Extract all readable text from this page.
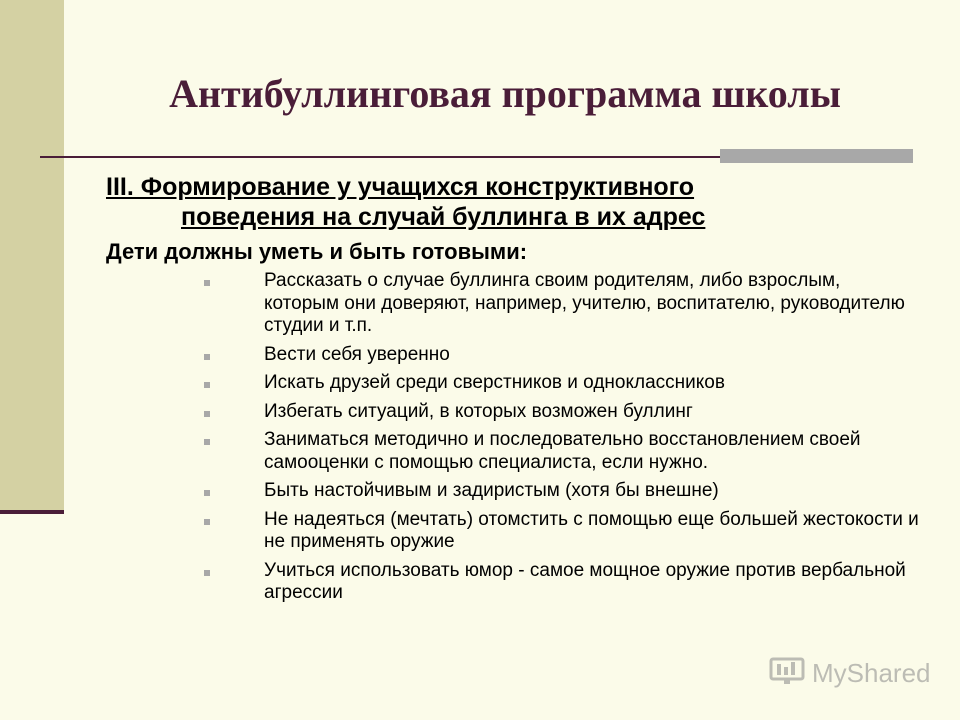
Антибуллинговая программа школы
III. Формирование у учащихся конструктивного
поведения на случай буллинга в их адрес

Дети должны уметь и быть готовыми:

Рассказать о случае буллинга своим родителям, либо взрослым, которым они доверяют, например, учителю, воспитателю, руководителю студии и т.п.
Вести себя уверенно
Искать друзей среди сверстников и одноклассников
Избегать ситуаций, в которых возможен буллинг
Заниматься методично и последовательно восстановлением своей самооценки с помощью специалиста, если нужно.
Быть настойчивым и задиристым (хотя бы внешне)
Не надеяться (мечтать) отомстить с помощью еще большей жестокости и не применять оружие
Учиться использовать юмор - самое мощное оружие против вербальной агрессии
MyShared
